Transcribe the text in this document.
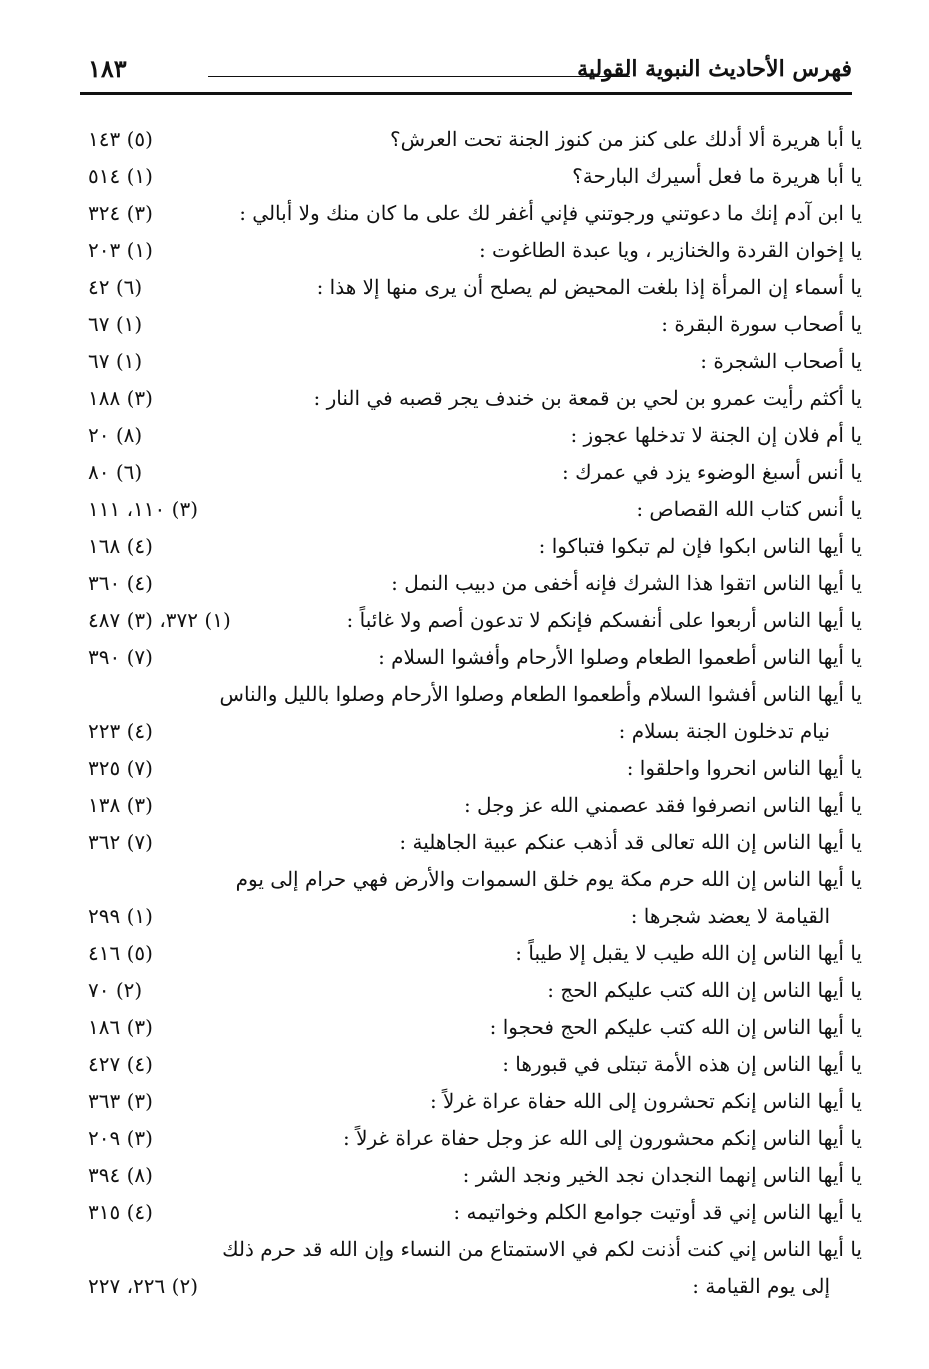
فهرس الأحاديث النبوية القولية
١٨٣
يا أبا هريرة ألا أدلك على كنز من كنوز الجنة تحت العرش؟
(٥) ١٤٣
يا أبا هريرة ما فعل أسيرك البارحة؟
(١) ٥١٤
يا ابن آدم إنك ما دعوتني ورجوتني فإني أغفر لك على ما كان منك ولا أبالي :
(٣) ٣٢٤
يا إخوان القردة والخنازير ، ويا عبدة الطاغوت :
(١) ٢٠٣
يا أسماء إن المرأة إذا بلغت المحيض لم يصلح أن يرى منها إلا هذا :
(٦) ٤٢
يا أصحاب سورة البقرة :
(١) ٦٧
يا أصحاب الشجرة :
(١) ٦٧
يا أكثم رأيت عمرو بن لحي بن قمعة بن خندف يجر قصبه في النار :
(٣) ١٨٨
يا أم فلان إن الجنة لا تدخلها عجوز :
(٨) ٢٠
يا أنس أسبغ الوضوء يزد في عمرك :
(٦) ٨٠
يا أنس كتاب الله القصاص :
(٣) ١١٠، ١١١
يا أيها الناس ابكوا فإن لم تبكوا فتباكوا :
(٤) ١٦٨
يا أيها الناس اتقوا هذا الشرك فإنه أخفى من دبيب النمل :
(٤) ٣٦٠
يا أيها الناس أربعوا على أنفسكم فإنكم لا تدعون أصم ولا غائباً :
(١) ٣٧٢، (٣) ٤٨٧
يا أيها الناس أطعموا الطعام وصلوا الأرحام وأفشوا السلام :
(٧) ٣٩٠
يا أيها الناس أفشوا السلام وأطعموا الطعام وصلوا الأرحام وصلوا بالليل والناس
نيام تدخلون الجنة بسلام :
(٤) ٢٢٣
يا أيها الناس انحروا واحلقوا :
(٧) ٣٢٥
يا أيها الناس انصرفوا فقد عصمني الله عز وجل :
(٣) ١٣٨
يا أيها الناس إن الله تعالى قد أذهب عنكم عبية الجاهلية :
(٧) ٣٦٢
يا أيها الناس إن الله حرم مكة يوم خلق السموات والأرض فهي حرام إلى يوم
القيامة لا يعضد شجرها :
(١) ٢٩٩
يا أيها الناس إن الله طيب لا يقبل إلا طيباً :
(٥) ٤١٦
يا أيها الناس إن الله كتب عليكم الحج :
(٢) ٧٠
يا أيها الناس إن الله كتب عليكم الحج فحجوا :
(٣) ١٨٦
يا أيها الناس إن هذه الأمة تبتلى في قبورها :
(٤) ٤٢٧
يا أيها الناس إنكم تحشرون إلى الله حفاة عراة غرلاً :
(٣) ٣٦٣
يا أيها الناس إنكم محشورون إلى الله عز وجل حفاة عراة غرلاً :
(٣) ٢٠٩
يا أيها الناس إنهما النجدان نجد الخير ونجد الشر :
(٨) ٣٩٤
يا أيها الناس إني قد أوتيت جوامع الكلم وخواتيمه :
(٤) ٣١٥
يا أيها الناس إني كنت أذنت لكم في الاستمتاع من النساء وإن الله قد حرم ذلك
إلى يوم القيامة :
(٢) ٢٢٦، ٢٢٧
